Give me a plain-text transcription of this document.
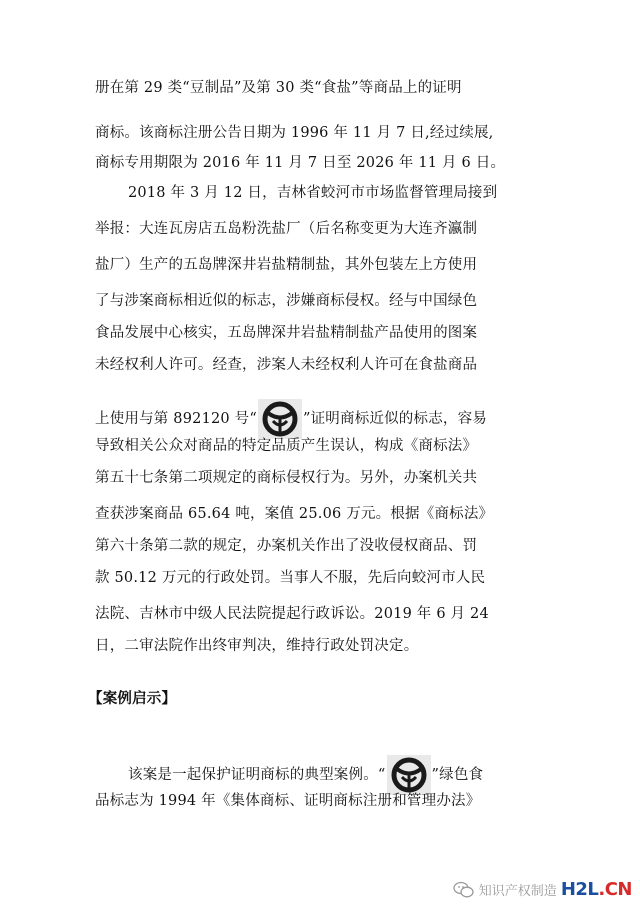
册在第 29 类“豆制品”及第 30 类“食盐”等商品上的证明
商标。该商标注册公告日期为 1996 年 11 月 7 日,经过续展,
商标专用期限为 2016 年 11 月 7 日至 2026 年 11 月 6 日。
2018 年 3 月 12 日，吉林省蛟河市市场监督管理局接到
举报：大连瓦房店五岛粉洗盐厂（后名称变更为大连齐瀛制
盐厂）生产的五岛牌深井岩盐精制盐，其外包装左上方使用
了与涉案商标相近似的标志，涉嫌商标侵权。经与中国绿色
食品发展中心核实，五岛牌深井岩盐精制盐产品使用的图案
未经权利人许可。经查，涉案人未经权利人许可在食盐商品
上使用与第 892120 号“	”证明商标近似的标志，容易
导致相关公众对商品的特定品质产生误认，构成《商标法》
第五十七条第二项规定的商标侵权行为。另外，办案机关共
查获涉案商品 65.64 吨，案值 25.06 万元。根据《商标法》
第六十条第二款的规定，办案机关作出了没收侵权商品、罚
款 50.12 万元的行政处罚。当事人不服，先后向蛟河市人民
法院、吉林市中级人民法院提起行政诉讼。2019 年 6 月 24
日，二审法院作出终审判决，维持行政处罚决定。
【案例启示】
该案是一起保护证明商标的典型案例。“	”绿色食
品标志为 1994 年《集体商标、证明商标注册和管理办法》
知识产权制造 H2L.CN
